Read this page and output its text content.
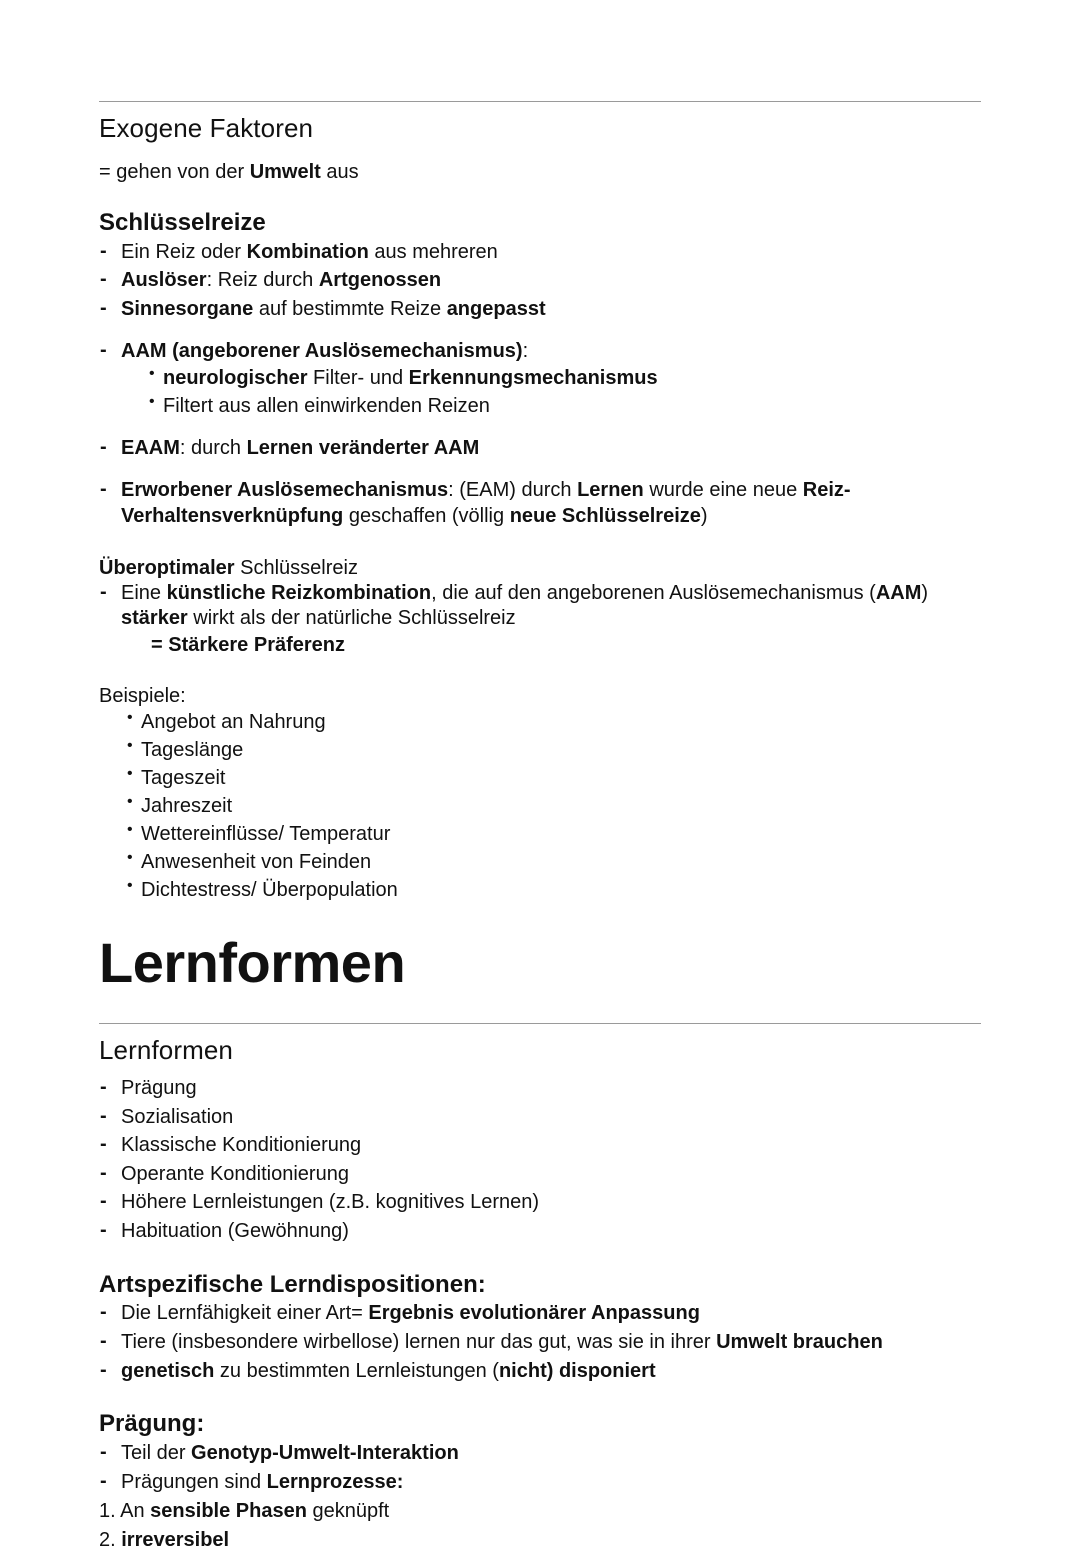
Exogene Faktoren

= gehen von der Umwelt aus

Schlüsselreize
- Ein Reiz oder Kombination aus mehreren
- Auslöser: Reiz durch Artgenossen
- Sinnesorgane auf bestimmte Reize angepasst
- AAM (angeborener Auslösemechanismus):
• neurologischer Filter- und Erkennungsmechanismus
• Filtert aus allen einwirkenden Reizen
- EAAM: durch Lernen veränderter AAM
- Erworbener Auslösemechanismus: (EAM) durch Lernen wurde eine neue Reiz-Verhaltensverknüpfung geschaffen (völlig neue Schlüsselreize)

Überoptimaler Schlüsselreiz

- Eine künstliche Reizkombination, die auf den angeborenen Auslösemechanismus (AAM) stärker wirkt als der natürliche Schlüsselreiz
= Stärkere Präferenz

Beispiele:

• Angebot an Nahrung
• Tageslänge
• Tageszeit
• Jahreszeit
• Wettereinflüsse/ Temperatur
• Anwesenheit von Feinden
• Dichtestress/ Überpopulation
Lernformen
Lernformen
- Prägung
- Sozialisation
- Klassische Konditionierung
- Operante Konditionierung
- Höhere Lernleistungen (z.B. kognitives Lernen)
- Habituation (Gewöhnung)
Artspezifische Lerndispositionen:
- Die Lernfähigkeit einer Art= Ergebnis evolutionärer Anpassung
- Tiere (insbesondere wirbellose) lernen nur das gut, was sie in ihrer Umwelt brauchen
- genetisch zu bestimmten Lernleistungen (nicht) disponiert
Prägung:
- Teil der Genotyp-Umwelt-Interaktion
- Prägungen sind Lernprozesse:
1. An sensible Phasen geknüpft
2. irreversibel
